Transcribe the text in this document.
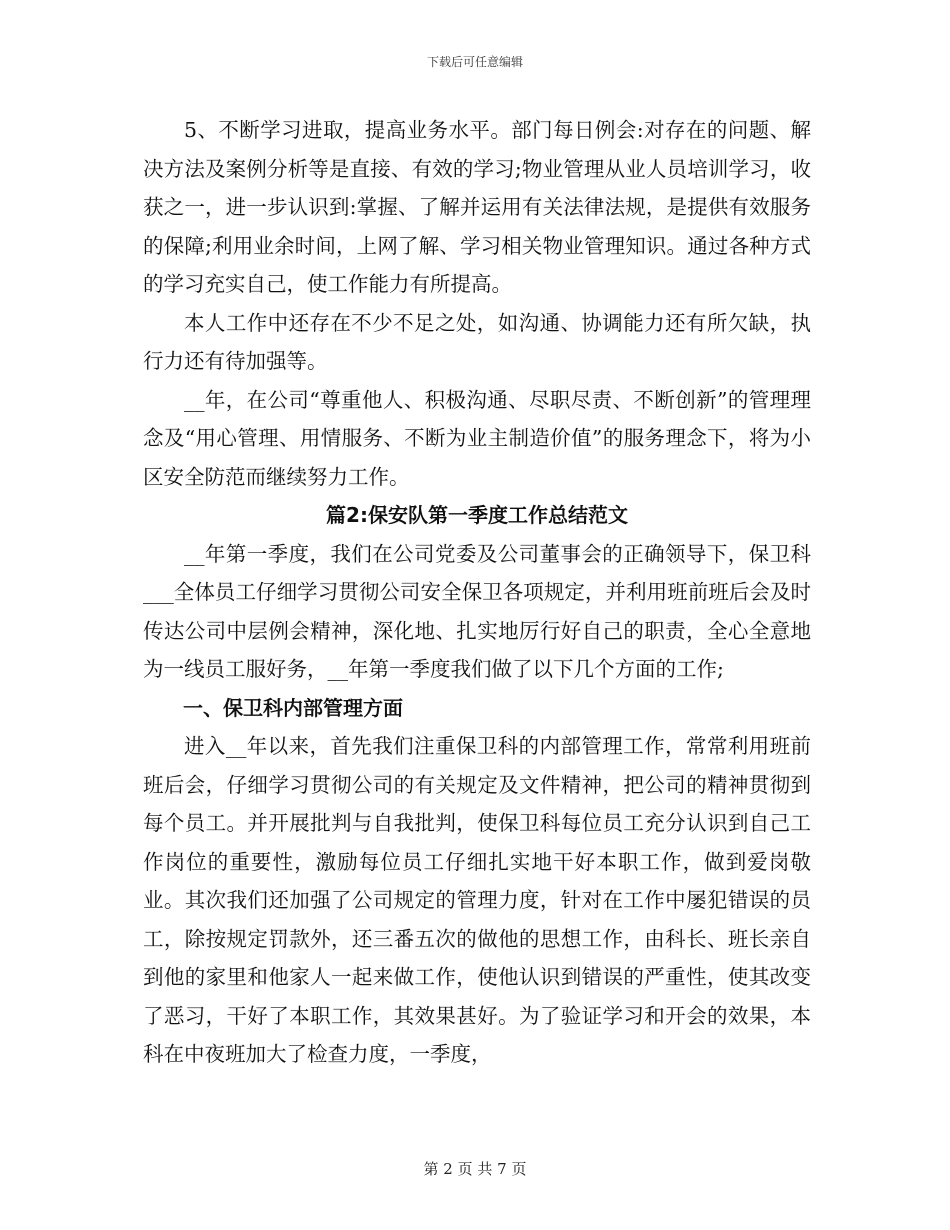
下载后可任意编辑

5、不断学习进取，提高业务水平。部门每日例会:对存在的问题、解决方法及案例分析等是直接、有效的学习;物业管理从业人员培训学习，收获之一，进一步认识到:掌握、了解并运用有关法律法规，是提供有效服务的保障;利用业余时间，上网了解、学习相关物业管理知识。通过各种方式的学习充实自己，使工作能力有所提高。

本人工作中还存在不少不足之处，如沟通、协调能力还有所欠缺，执行力还有待加强等。

__年，在公司“尊重他人、积极沟通、尽职尽责、不断创新”的管理理念及“用心管理、用情服务、不断为业主制造价值”的服务理念下，将为小区安全防范而继续努力工作。

篇2:保安队第一季度工作总结范文

__年第一季度，我们在公司党委及公司董事会的正确领导下，保卫科___全体员工仔细学习贯彻公司安全保卫各项规定，并利用班前班后会及时传达公司中层例会精神，深化地、扎实地厉行好自己的职责，全心全意地为一线员工服好务，__年第一季度我们做了以下几个方面的工作;

一、保卫科内部管理方面

进入__年以来，首先我们注重保卫科的内部管理工作，常常利用班前班后会，仔细学习贯彻公司的有关规定及文件精神，把公司的精神贯彻到每个员工。并开展批判与自我批判，使保卫科每位员工充分认识到自己工作岗位的重要性，激励每位员工仔细扎实地干好本职工作，做到爱岗敬业。其次我们还加强了公司规定的管理力度，针对在工作中屡犯错误的员工，除按规定罚款外，还三番五次的做他的思想工作，由科长、班长亲自到他的家里和他家人一起来做工作，使他认识到错误的严重性，使其改变了恶习，干好了本职工作，其效果甚好。为了验证学习和开会的效果，本科在中夜班加大了检查力度，一季度，

第 2 页 共 7 页
